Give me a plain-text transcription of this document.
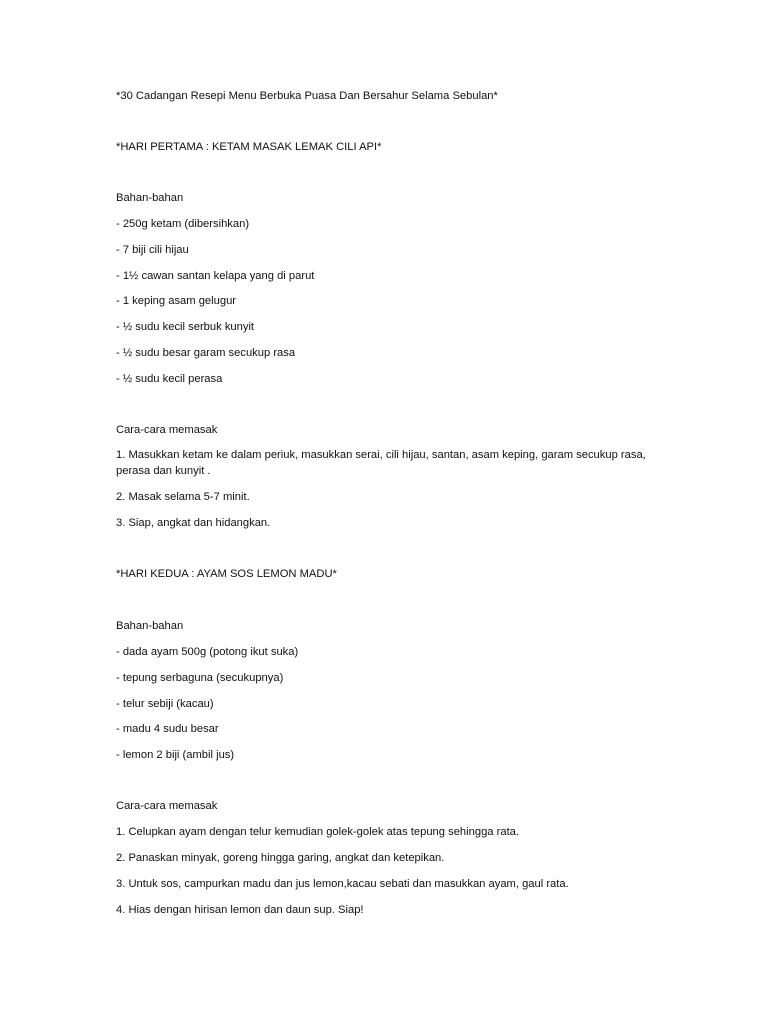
*30 Cadangan Resepi Menu Berbuka Puasa Dan Bersahur Selama Sebulan*

*HARI PERTAMA : KETAM MASAK LEMAK CILI API*

Bahan-bahan

- 250g ketam (dibersihkan)

- 7 biji cili hijau

- 1½ cawan santan kelapa yang di parut

- 1 keping asam gelugur

- ½ sudu kecil serbuk kunyit

- ½ sudu besar garam secukup rasa

- ½ sudu kecil perasa

Cara-cara memasak

1. Masukkan ketam ke dalam periuk, masukkan serai, cili hijau, santan, asam keping, garam secukup rasa, perasa dan kunyit .

2. Masak selama 5-7 minit.

3. Siap, angkat dan hidangkan.

*HARI KEDUA : AYAM SOS LEMON MADU*

Bahan-bahan

- dada ayam 500g (potong ikut suka)

- tepung serbaguna (secukupnya)

- telur sebiji (kacau)

- madu 4 sudu besar

- lemon 2 biji (ambil jus)

Cara-cara memasak

1. Celupkan ayam dengan telur kemudian golek-golek atas tepung sehingga rata.

2. Panaskan minyak, goreng hingga garing, angkat dan ketepikan.

3. Untuk sos, campurkan madu dan jus lemon,kacau sebati dan masukkan ayam, gaul rata.

4. Hias dengan hirisan lemon dan daun sup. Siap!
